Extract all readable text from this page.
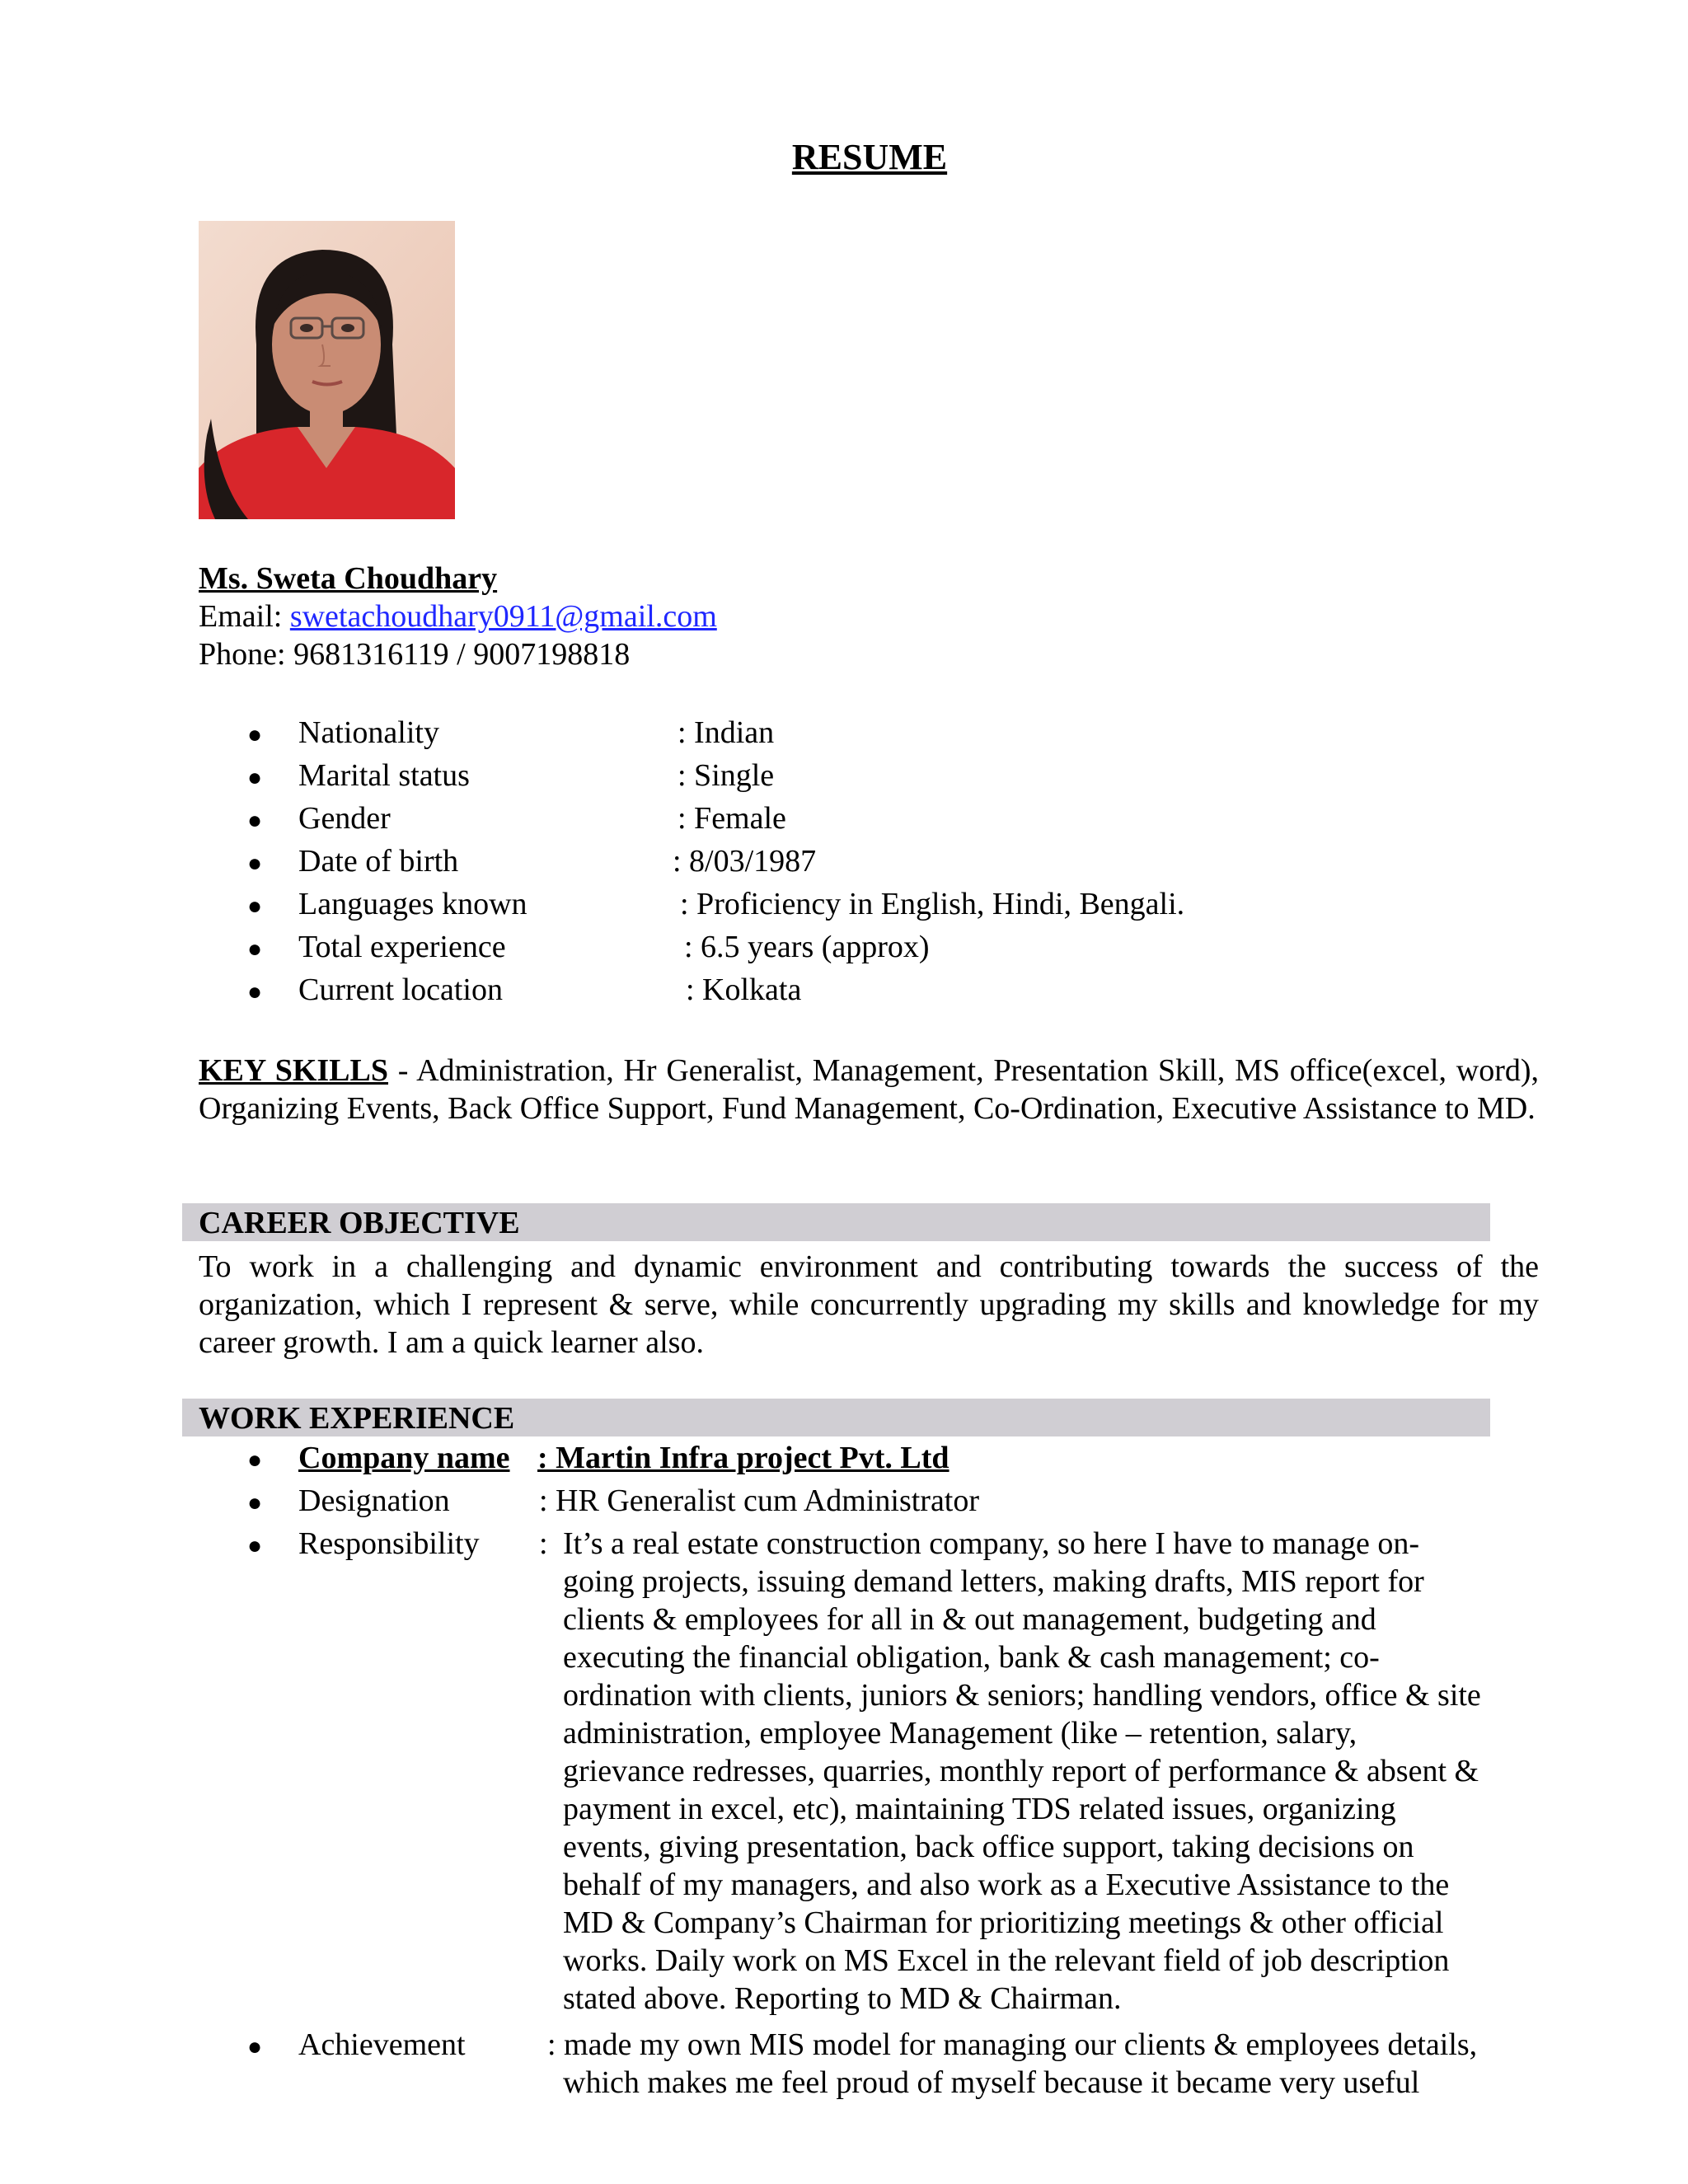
RESUME
Ms. Sweta Choudhary
Email: swetachoudhary0911@gmail.com
Phone: 9681316119 / 9007198818
● Nationality	: Indian
● Marital status	: Single
● Gender	: Female
● Date of birth	: 8/03/1987
● Languages known	: Proficiency in English, Hindi, Bengali.
● Total experience	: 6.5 years (approx)
● Current location	: Kolkata
KEY SKILLS - Administration, Hr Generalist, Management, Presentation Skill, MS office(excel, word), Organizing Events, Back Office Support, Fund Management, Co-Ordination, Executive Assistance to MD.
CAREER OBJECTIVE
To work in a challenging and dynamic environment and contributing towards the success of the organization, which I represent & serve, while concurrently upgrading my skills and knowledge for my career growth. I am a quick learner also.
WORK EXPERIENCE
● Company name : Martin Infra project Pvt. Ltd
● Designation	: HR Generalist cum Administrator
● Responsibility : It’s a real estate construction company, so here I have to manage on-
going projects, issuing demand letters, making drafts, MIS report for
clients & employees for all in & out management, budgeting and
executing the financial obligation, bank & cash management; co-
ordination with clients, juniors & seniors; handling vendors, office & site
administration, employee Management (like – retention, salary,
grievance redresses, quarries, monthly report of performance & absent &
payment in excel, etc), maintaining TDS related issues, organizing
events, giving presentation, back office support, taking decisions on
behalf of my managers, and also work as a Executive Assistance to the
MD & Company’s Chairman for prioritizing meetings & other official
works. Daily work on MS Excel in the relevant field of job description
stated above. Reporting to MD & Chairman.
● Achievement	: made my own MIS model for managing our clients & employees details,
which makes me feel proud of myself because it became very useful
